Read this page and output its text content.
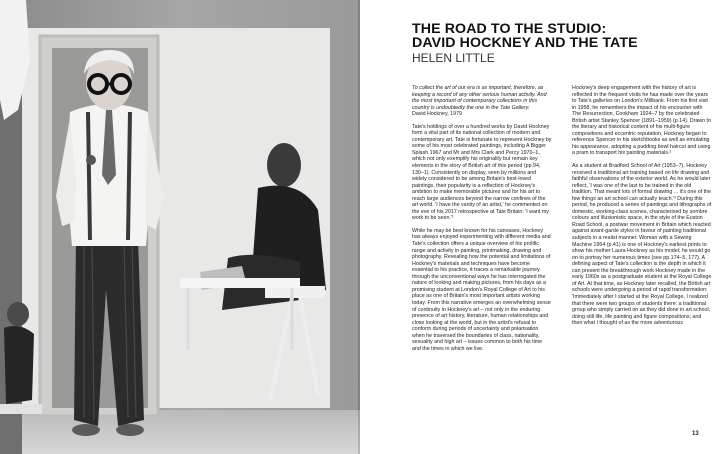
THE ROAD TO THE STUDIO:
DAVID HOCKNEY AND THE TATE
HELEN LITTLE

To collect the art of our era is as important, therefore, as keeping a record of any other serious human activity. And the most important of contemporary collections in this country is undoubtedly the one in the Tate Gallery.
David Hockney, 1979

Tate's holdings of over a hundred works by David Hockney form a vital part of its national collection of modern and contemporary art. Tate is fortunate to represent Hockney by some of his most celebrated paintings, including A Bigger Splash 1967 and Mr and Mrs Clark and Percy 1970–1, which not only exemplify his originality but remain key elements in the story of British art of this period (pp.94, 130–1). Consistently on display, seen by millions and widely considered to be among Britain's best-loved paintings, their popularity is a reflection of Hockney's ambition to make memorable pictures and for his art to reach large audiences beyond the narrow confines of the art world. 'I have the vanity of an artist,' he commented on the eve of his 2017 retrospective at Tate Britain: 'I want my work to be seen.'¹

While he may be best known for his canvases, Hockney has always enjoyed experimenting with different media and Tate's collection offers a unique overview of his prolific range and activity in painting, printmaking, drawing and photography. Revealing how the potential and limitations of Hockney's materials and techniques have become essential to his practice, it traces a remarkable journey through the unconventional ways he has interrogated the nature of looking and making pictures, from his days as a promising student at London's Royal College of Art to his place as one of Britain's most important artists working today. From this narrative emerges an overwhelming sense of continuity in Hockney's art – not only in the enduring presence of art history, literature, human relationships and close looking at the world, but in the artist's refusal to conform during periods of uncertainty and polarisation when he traversed the boundaries of class, nationality, sexuality and high art – issues common to both his time and the times in which we live.

Hockney's deep engagement with the history of art is reflected in the frequent visits he has made over the years to Tate's galleries on London's Millbank. From his first visit in 1958, he remembers the impact of his encounter with The Resurrection, Cookham 1924–7 by the celebrated British artist Stanley Spencer (1891–1959) (p.14). Drawn to the literary and historical content of his multi-figure compositions and eccentric reputation, Hockney began to reference Spencer in his sketchbooks as well as emulating his appearance, adopting a pudding bowl haircut and using a pram to transport his painting materials.²

As a student at Bradford School of Art (1953–7), Hockney received a traditional art training based on life drawing and faithful observations of the exterior world. As he would later reflect, 'I was one of the last to be trained in the old tradition. That meant lots of formal drawing ... it's one of the few things an art school can actually teach.'³ During this period, he produced a series of paintings and lithographs of domestic, working-class scenes, characterised by sombre colours and illusionistic space, in the style of the Euston Road School, a postwar movement in Britain which reacted against avant-garde styles in favour of painting traditional subjects in a realist manner. Woman with a Sewing Machine 1954 (p.41) is one of Hockney's earliest prints to show his mother Laura Hockney as his model; he would go on to portray her numerous times (see pp.174–5, 177). A defining aspect of Tate's collection is the depth in which it can present the breakthrough work Hockney made in the early 1960s as a postgraduate student at the Royal College of Art. At that time, as Hockney later recalled, the British art schools were undergoing a period of rapid transformation: 'Immediately after I started at the Royal College, I realized that there were two groups of students there: a traditional group who simply carried on as they did done in art school, doing still life, life painting and figure compositions; and then what I thought of as the more adventurous

13
